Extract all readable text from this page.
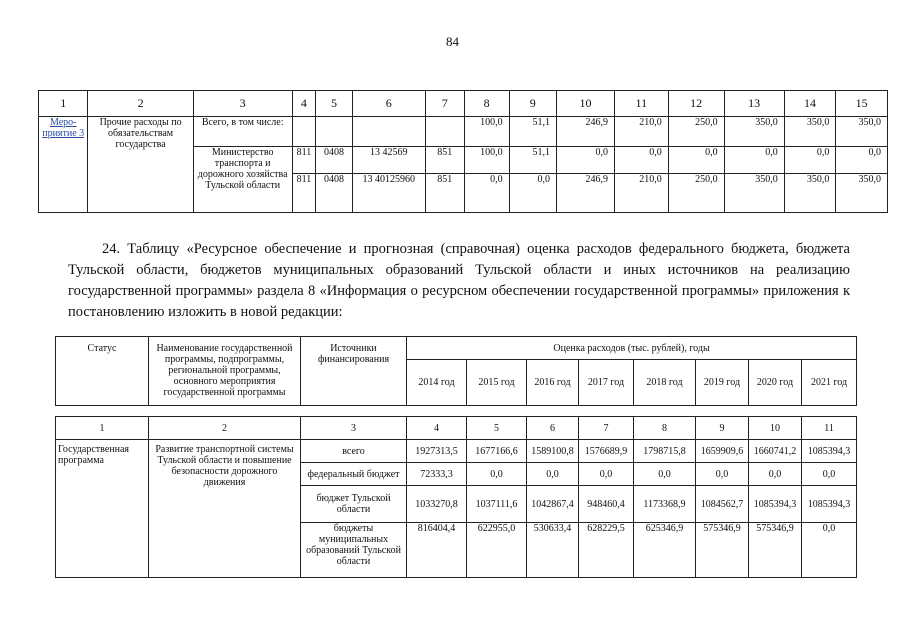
84
1	2	3	4	5	6	7	8	9	10	11	12	13	14	15
Меро-
приятие 3	Прочие расходы по обязательствам государства	Всего, в том числе:					100,0	51,1	246,9	210,0	250,0	350,0	350,0	350,0
		Министерство транспорта и дорожного хозяйства Тульской области	811	0408	13 42569	851	100,0	51,1	0,0	0,0	0,0	0,0	0,0	0,0
			811	0408	13 40125960	851	0,0	0,0	246,9	210,0	250,0	350,0	350,0	350,0
24. Таблицу «Ресурсное обеспечение и прогнозная (справочная) оценка расходов федерального бюджета, бюджета Тульской области, бюджетов муниципальных образований Тульской области и иных источников на реализацию государственной программы» раздела 8 «Информация о ресурсном обеспечении государственной программы» приложения к постановлению изложить в новой редакции:
Статус	Наименование государственной программы, подпрограммы, региональной программы, основного мероприятия государственной программы	Источники финансирования	Оценка расходов (тыс. рублей), годы							
			2014 год	2015 год	2016 год	2017 год	2018 год	2019 год	2020 год	2021 год

1	2	3	4	5	6	7	8	9	10	11
Государственная программа	Развитие транспортной системы Тульской области и повышение безопасности дорожного движения	всего	1927313,5	1677166,6	1589100,8	1576689,9	1798715,8	1659909,6	1660741,2	1085394,3
		федеральный бюджет	72333,3	0,0	0,0	0,0	0,0	0,0	0,0	0,0
		бюджет Тульской области	1033270,8	1037111,6	1042867,4	948460,4	1173368,9	1084562,7	1085394,3	1085394,3
		бюджеты муниципальных образований Тульской области	816404,4	622955,0	530633,4	628229,5	625346,9	575346,9	575346,9	0,0
